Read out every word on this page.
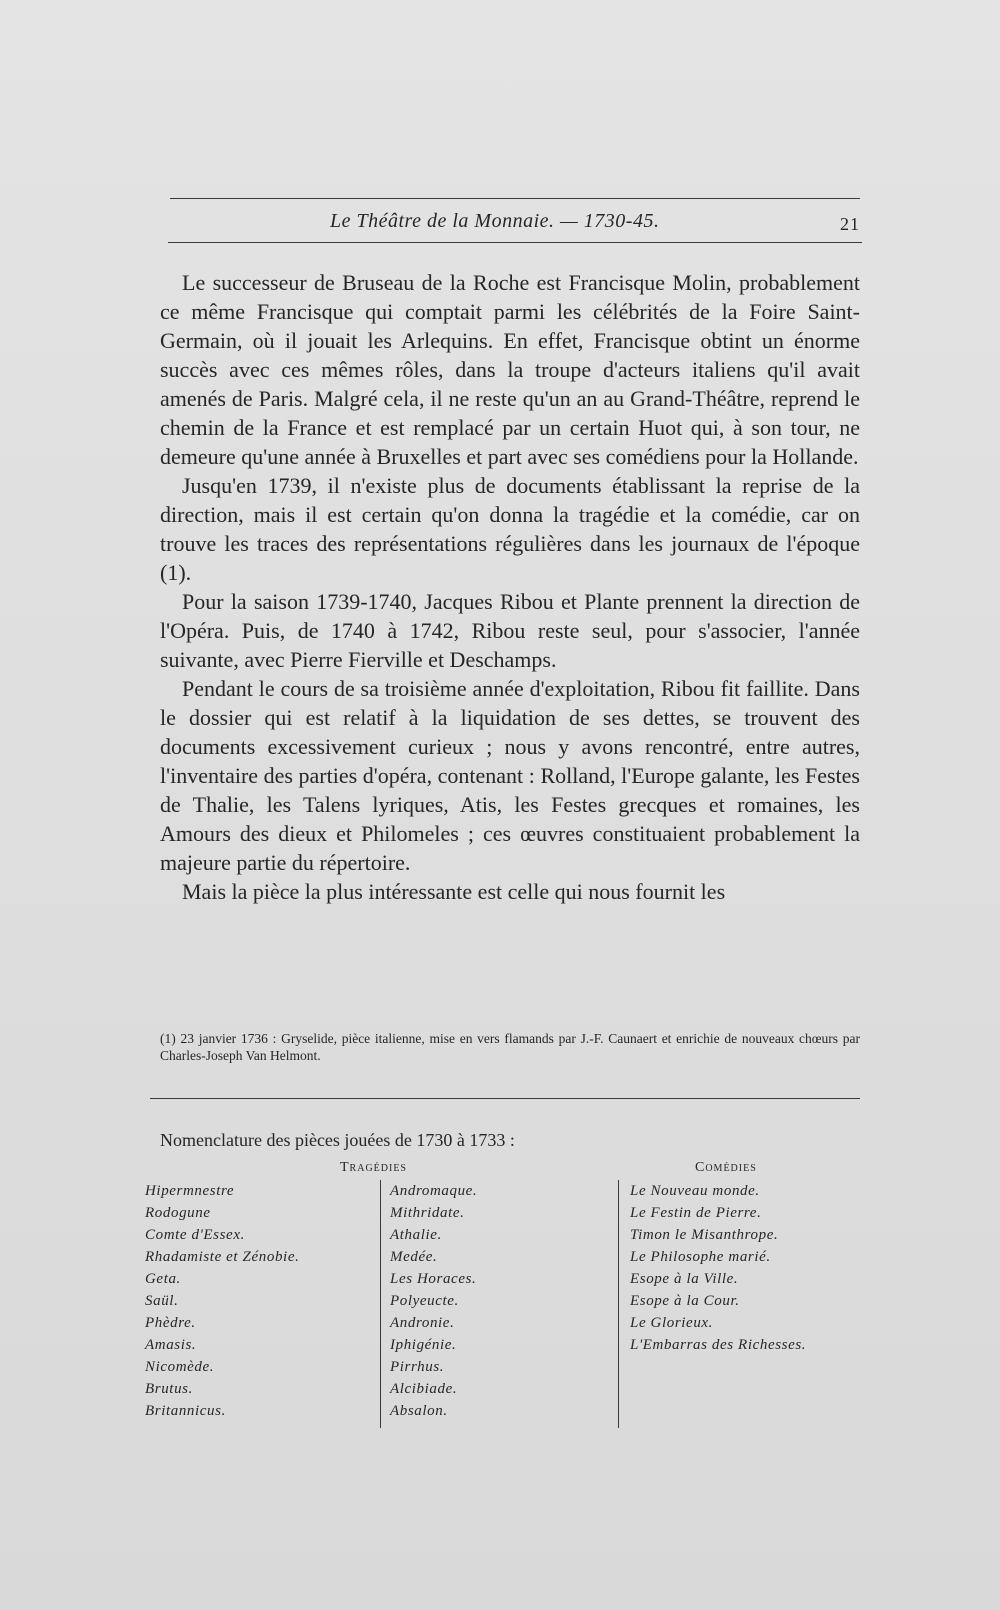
Le Théâtre de la Monnaie. — 1730-45.	21

Le successeur de Bruseau de la Roche est Francisque Molin, probablement ce même Francisque qui comptait parmi les célébrités de la Foire Saint-Germain, où il jouait les Arlequins. En effet, Francisque obtint un énorme succès avec ces mêmes rôles, dans la troupe d'acteurs italiens qu'il avait amenés de Paris. Malgré cela, il ne reste qu'un an au Grand-Théâtre, reprend le chemin de la France et est remplacé par un certain Huot qui, à son tour, ne demeure qu'une année à Bruxelles et part avec ses comédiens pour la Hollande.

Jusqu'en 1739, il n'existe plus de documents établissant la reprise de la direction, mais il est certain qu'on donna la tragédie et la comédie, car on trouve les traces des représentations régulières dans les journaux de l'époque (1).

Pour la saison 1739-1740, Jacques Ribou et Plante prennent la direction de l'Opéra. Puis, de 1740 à 1742, Ribou reste seul, pour s'associer, l'année suivante, avec Pierre Fierville et Deschamps.

Pendant le cours de sa troisième année d'exploitation, Ribou fit faillite. Dans le dossier qui est relatif à la liquidation de ses dettes, se trouvent des documents excessivement curieux ; nous y avons rencontré, entre autres, l'inventaire des parties d'opéra, contenant : Rolland, l'Europe galante, les Festes de Thalie, les Talens lyriques, Atis, les Festes grecques et romaines, les Amours des dieux et Philomeles ; ces œuvres constituaient probablement la majeure partie du répertoire.

Mais la pièce la plus intéressante est celle qui nous fournit les

(1) 23 janvier 1736 : Gryselide, pièce italienne, mise en vers flamands par J.-F. Caunaert et enrichie de nouveaux chœurs par Charles-Joseph Van Helmont.
Nomenclature des pièces jouées de 1730 à 1733 :
Tragédies	Comédies
Hipermnestre
Rodogune
Comte d'Essex.
Rhadamiste et Zénobie.
Geta.
Saül.
Phèdre.
Amasis.
Nicomède.
Brutus.
Britannicus.
Andromaque.
Mithridate.
Athalie.
Medée.
Les Horaces.
Polyeucte.
Andronie.
Iphigénie.
Pirrhus.
Alcibiade.
Absalon.
Le Nouveau monde.
Le Festin de Pierre.
Timon le Misanthrope.
Le Philosophe marié.
Esope à la Ville.
Esope à la Cour.
Le Glorieux.
L'Embarras des Richesses.
